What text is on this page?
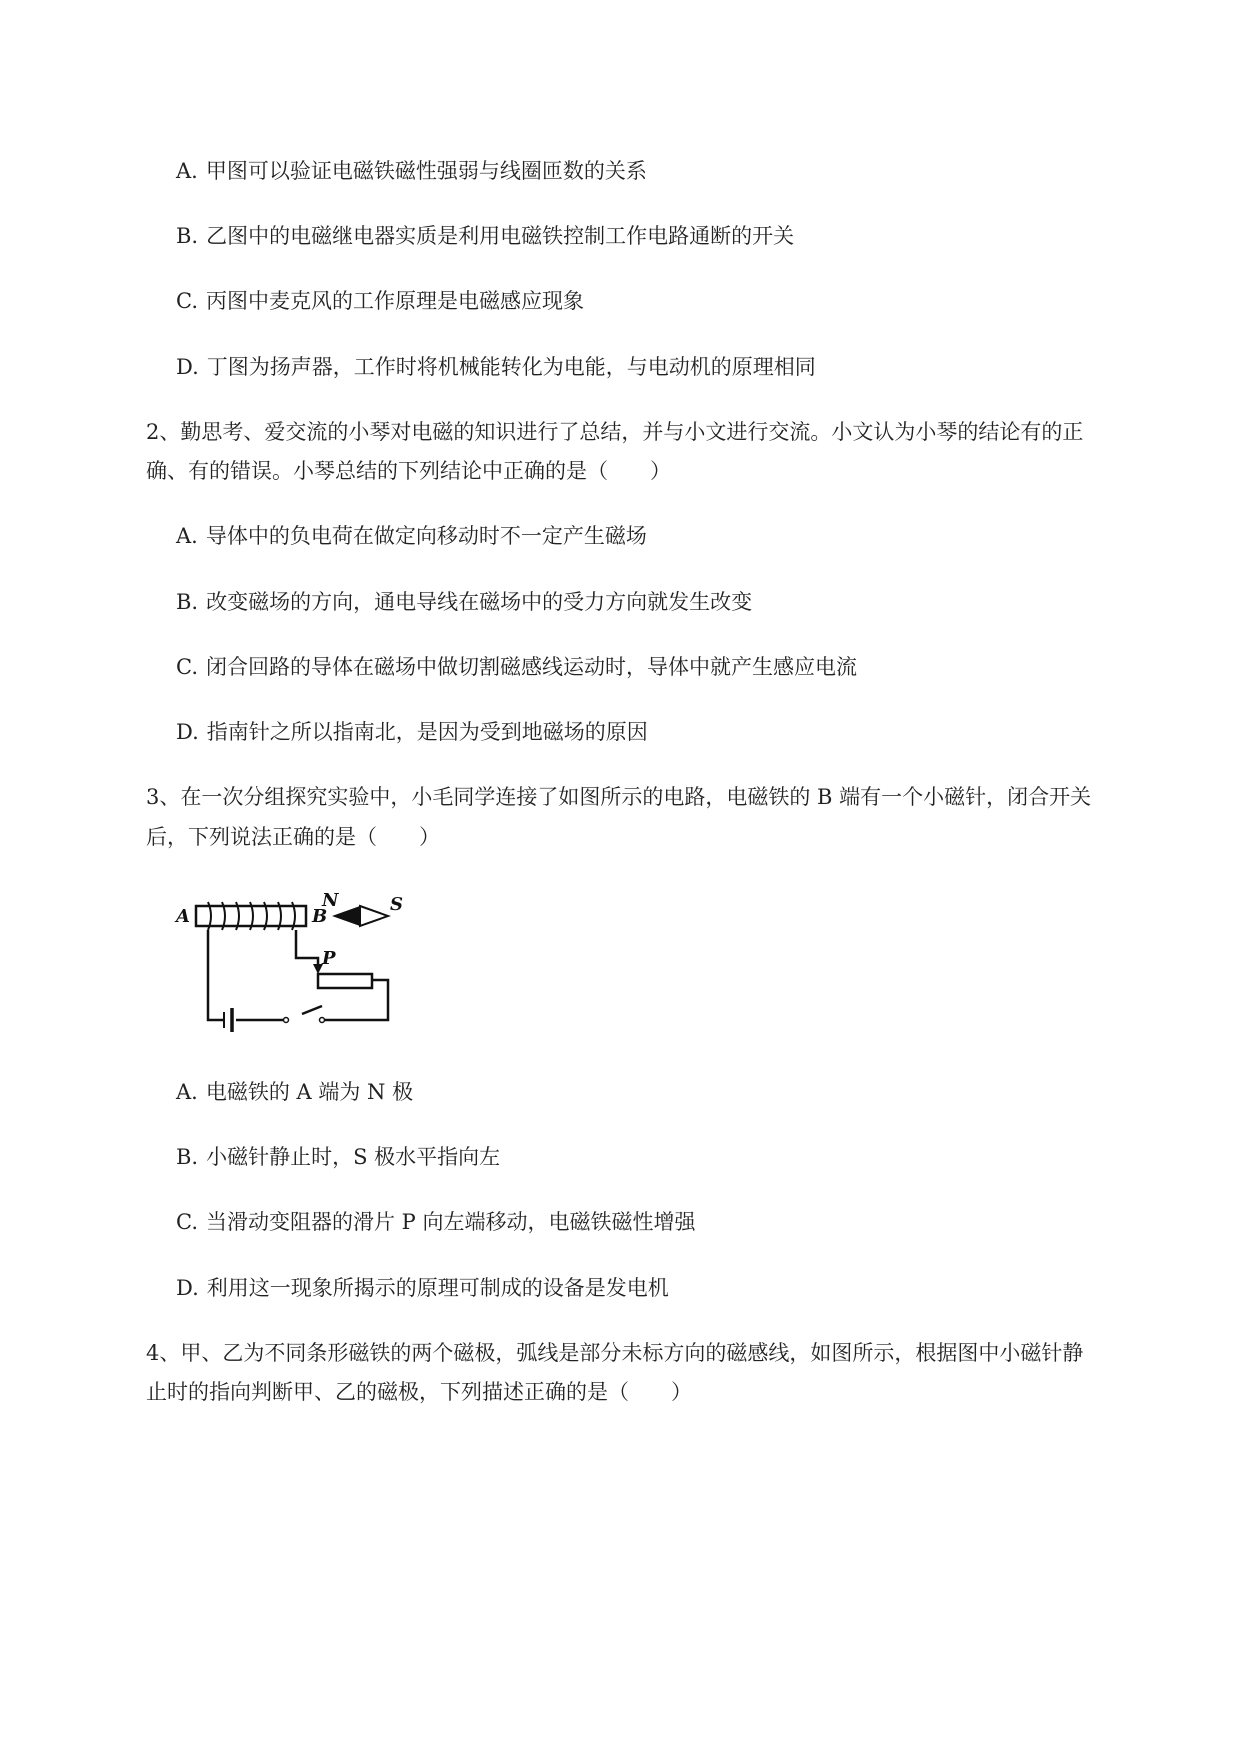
A. 甲图可以验证电磁铁磁性强弱与线圈匝数的关系
B. 乙图中的电磁继电器实质是利用电磁铁控制工作电路通断的开关
C. 丙图中麦克风的工作原理是电磁感应现象
D. 丁图为扬声器，工作时将机械能转化为电能，与电动机的原理相同
2、勤思考、爱交流的小琴对电磁的知识进行了总结，并与小文进行交流。小文认为小琴的结论有的正
确、有的错误。小琴总结的下列结论中正确的是（　　）
A. 导体中的负电荷在做定向移动时不一定产生磁场
B. 改变磁场的方向，通电导线在磁场中的受力方向就发生改变
C. 闭合回路的导体在磁场中做切割磁感线运动时，导体中就产生感应电流
D. 指南针之所以指南北，是因为受到地磁场的原因
3、在一次分组探究实验中，小毛同学连接了如图所示的电路，电磁铁的 B 端有一个小磁针，闭合开关
后，下列说法正确的是（　　）
A	B
N	S
P
A. 电磁铁的 A 端为 N 极
B. 小磁针静止时，S 极水平指向左
C. 当滑动变阻器的滑片 P 向左端移动，电磁铁磁性增强
D. 利用这一现象所揭示的原理可制成的设备是发电机
4、甲、乙为不同条形磁铁的两个磁极，弧线是部分未标方向的磁感线，如图所示，根据图中小磁针静
止时的指向判断甲、乙的磁极，下列描述正确的是（　　）
